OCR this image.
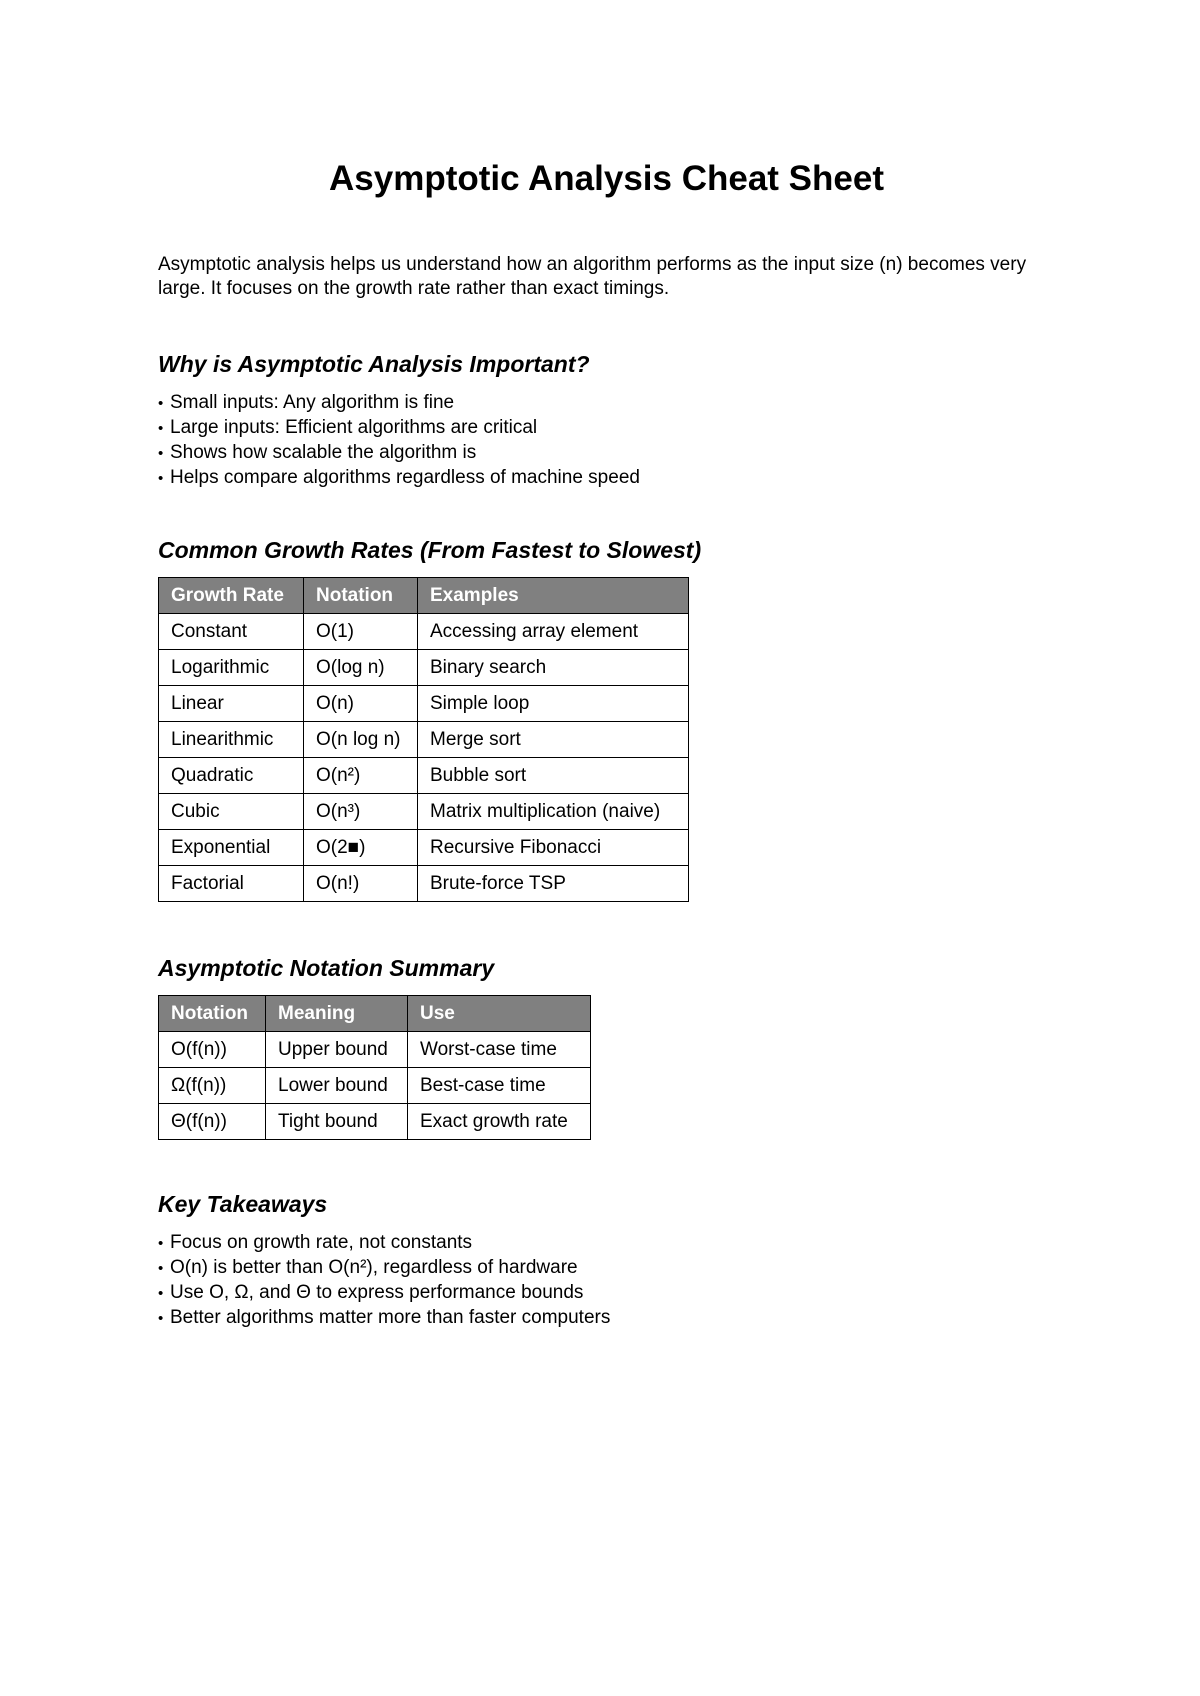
Asymptotic Analysis Cheat Sheet

Asymptotic analysis helps us understand how an algorithm performs as the input size (n) becomes very large. It focuses on the growth rate rather than exact timings.

Why is Asymptotic Analysis Important?
• Small inputs: Any algorithm is fine
• Large inputs: Efficient algorithms are critical
• Shows how scalable the algorithm is
• Helps compare algorithms regardless of machine speed
Common Growth Rates (From Fastest to Slowest)
Growth Rate	Notation	Examples
Constant	O(1)	Accessing array element
Logarithmic	O(log n)	Binary search
Linear	O(n)	Simple loop
Linearithmic	O(n log n)	Merge sort
Quadratic	O(n²)	Bubble sort
Cubic	O(n³)	Matrix multiplication (naive)
Exponential	O(2■)	Recursive Fibonacci
Factorial	O(n!)	Brute-force TSP
Asymptotic Notation Summary
Notation	Meaning	Use
O(f(n))	Upper bound	Worst-case time
Ω(f(n))	Lower bound	Best-case time
Θ(f(n))	Tight bound	Exact growth rate
Key Takeaways
• Focus on growth rate, not constants
• O(n) is better than O(n²), regardless of hardware
• Use O, Ω, and Θ to express performance bounds
• Better algorithms matter more than faster computers
